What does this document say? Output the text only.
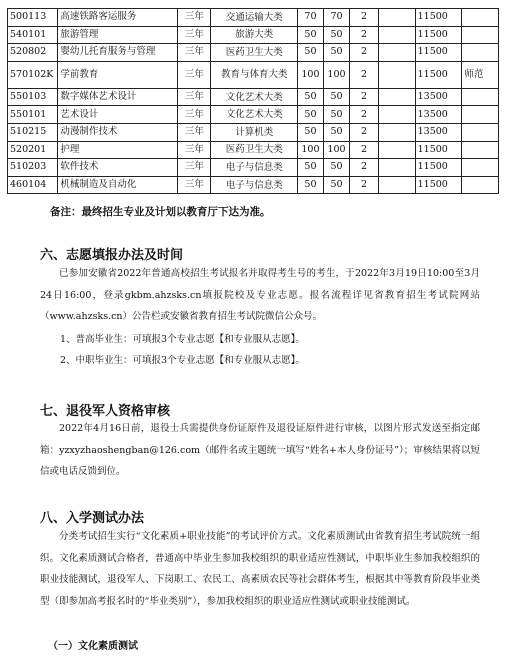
500113	高速铁路客运服务	三年	交通运输大类	70	70	2		11500	
540101	旅游管理	三年	旅游大类	50	50	2		11500	
520802	婴幼儿托育服务与管理	三年	医药卫生大类	50	50	2		11500	
570102K	学前教育	三年	教育与体育大类	100	100	2		11500	师范
550103	数字媒体艺术设计	三年	文化艺术大类	50	50	2		13500	
550101	艺术设计	三年	文化艺术大类	50	50	2		13500	
510215	动漫制作技术	三年	计算机类	50	50	2		13500	
520201	护理	三年	医药卫生大类	100	100	2		11500	
510203	软件技术	三年	电子与信息类	50	50	2		11500	
460104	机械制造及自动化	三年	电子与信息类	50	50	2		11500	
备注：最终招生专业及计划以教育厅下达为准。
六、志愿填报办法及时间

已参加安徽省2022年普通高校招生考试报名并取得考生号的考生，于2022年3月19日10:00至3月24日16:00，登录gkbm.ahzsks.cn填报院校及专业志愿。报名流程详见省教育招生考试院网站（www.ahzsks.cn）公告栏或安徽省教育招生考试院微信公众号。

1、普高毕业生：可填报3个专业志愿【和专业服从志愿】。

2、中职毕业生：可填报3个专业志愿【和专业服从志愿】。

七、退役军人资格审核

2022年4月16日前，退役士兵需提供身份证原件及退役证原件进行审核，以图片形式发送至指定邮箱：yzxyzhaoshengban@126.com（邮件名或主题统一填写“姓名+本人身份证号”）；审核结果将以短信或电话反馈到位。

八、入学测试办法

分类考试招生实行“文化素质+职业技能”的考试评价方式。文化素质测试由省教育招生考试院统一组织。文化素质测试合格者，普通高中毕业生参加我校组织的职业适应性测试，中职毕业生参加我校组织的职业技能测试，退役军人、下岗职工、农民工、高素质农民等社会群体考生，根据其中等教育阶段毕业类型（即参加高考报名时的“毕业类别”），参加我校组织的职业适应性测试或职业技能测试。

（一）文化素质测试
